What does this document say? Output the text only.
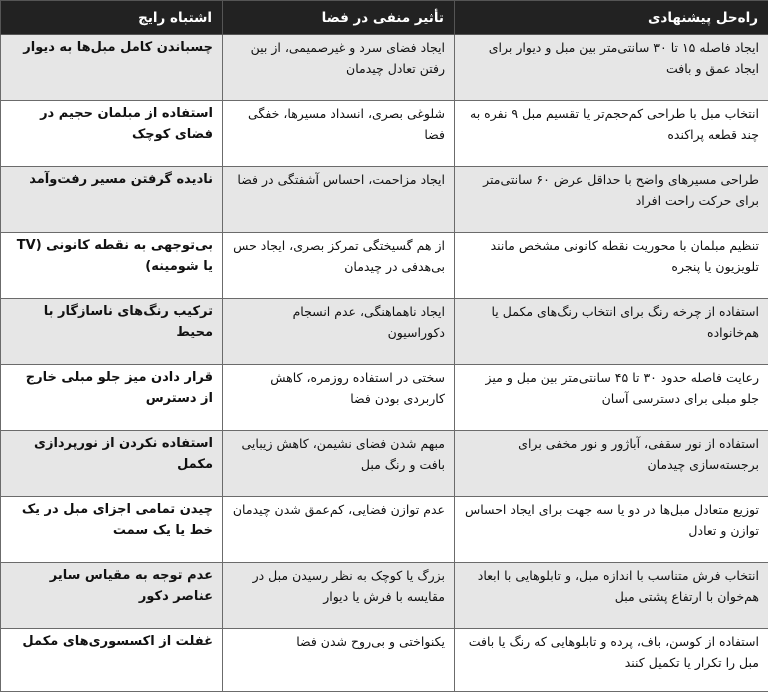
راه‌حل پیشنهادی	تأثیر منفی در فضا	اشتباه رایج
ایجاد فاصله ۱۵ تا ۳۰ سانتی‌متر بین مبل و دیوار برای ایجاد عمق و بافت	ایجاد فضای سرد و غیرصمیمی، از بین رفتن تعادل چیدمان	چسباندن کامل مبل‌ها به دیوار
انتخاب مبل با طراحی کم‌حجم‌تر یا تقسیم مبل ۹ نفره به چند قطعه پراکنده	شلوغی بصری، انسداد مسیرها، خفگی فضا	استفاده از مبلمان حجیم در فضای کوچک
طراحی مسیرهای واضح با حداقل عرض ۶۰ سانتی‌متر برای حرکت راحت افراد	ایجاد مزاحمت، احساس آشفتگی در فضا	نادیده گرفتن مسیر رفت‌وآمد
تنظیم مبلمان با محوریت نقطه کانونی مشخص مانند تلویزیون یا پنجره	از هم گسیختگی تمرکز بصری، ایجاد حس بی‌هدفی در چیدمان	بی‌توجهی به نقطه کانونی (TV یا شومینه)
استفاده از چرخه رنگ برای انتخاب رنگ‌های مکمل یا هم‌خانواده	ایجاد ناهماهنگی، عدم انسجام دکوراسیون	ترکیب رنگ‌های ناسازگار با محیط
رعایت فاصله حدود ۳۰ تا ۴۵ سانتی‌متر بین مبل و میز جلو مبلی برای دسترسی آسان	سختی در استفاده روزمره، کاهش کاربردی بودن فضا	قرار دادن میز جلو مبلی خارج از دسترس
استفاده از نور سقفی، آباژور و نور مخفی برای برجسته‌سازی چیدمان	مبهم شدن فضای نشیمن، کاهش زیبایی بافت و رنگ مبل	استفاده نکردن از نورپردازی مکمل
توزیع متعادل مبل‌ها در دو یا سه جهت برای ایجاد احساس توازن و تعادل	عدم توازن فضایی، کم‌عمق شدن چیدمان	چیدن تمامی اجزای مبل در یک خط یا یک سمت
انتخاب فرش متناسب با اندازه مبل، و تابلوهایی با ابعاد هم‌خوان با ارتفاع پشتی مبل	بزرگ یا کوچک به نظر رسیدن مبل در مقایسه با فرش یا دیوار	عدم توجه به مقیاس سایر عناصر دکور
استفاده از کوسن، باف، پرده و تابلوهایی که رنگ یا بافت مبل را تکرار یا تکمیل کنند	یکنواختی و بی‌روح شدن فضا	غفلت از اکسسوری‌های مکمل
